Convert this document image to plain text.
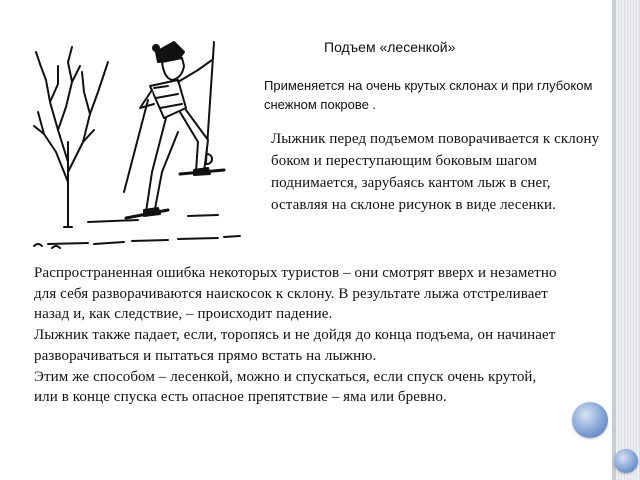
Подъем «лесенкой»
Применяется на очень крутых склонах и при глубоком снежном покрове .
Лыжник перед подъемом поворачивается к склону боком и переступающим боковым шагом поднимается, зарубаясь кантом лыж в снег, оставляя на склоне рисунок в виде лесенки.

Распространенная ошибка некоторых туристов – они смотрят вверх и незаметно для себя разворачиваются наискосок к склону. В результате лыжа отстреливает назад и, как следствие, – происходит падение.

Лыжник также падает, если, торопясь и не дойдя до конца подъема, он начинает разворачиваться и пытаться прямо встать на лыжню.

Этим же способом – лесенкой, можно и спускаться, если спуск очень крутой, или в конце спуска есть опасное препятствие – яма или бревно.
